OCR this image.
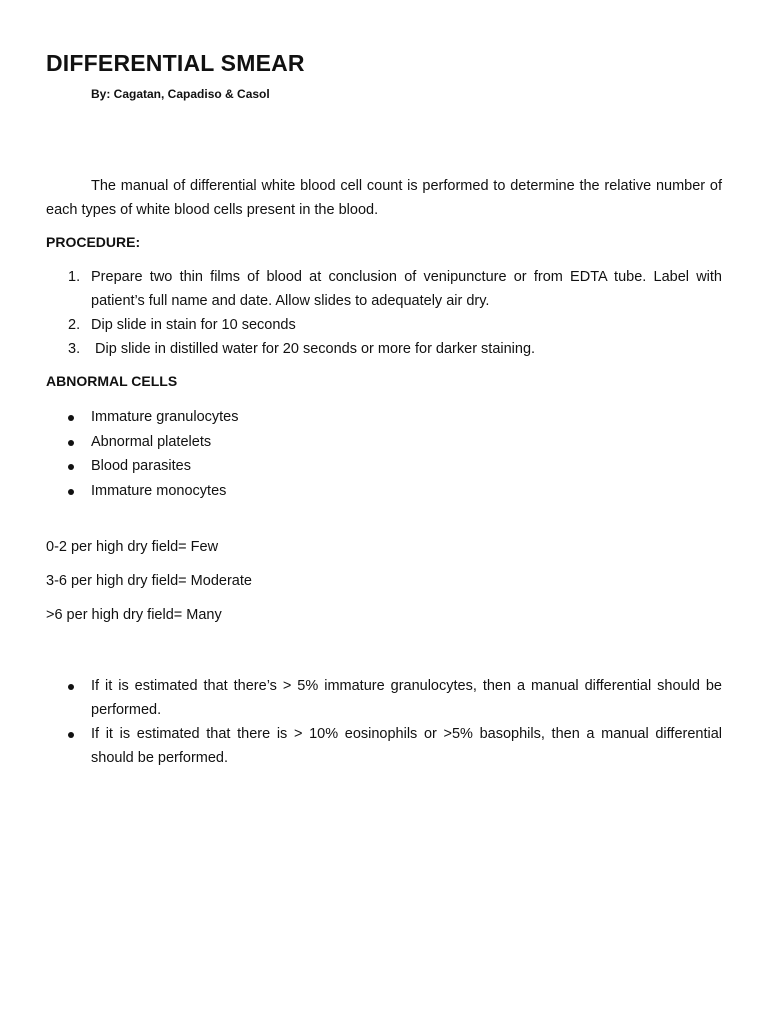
DIFFERENTIAL SMEAR
By: Cagatan, Capadiso & Casol

The manual of differential white blood cell count is performed to determine the relative number of each types of white blood cells present in the blood.

PROCEDURE:
1. Prepare two thin films of blood at conclusion of venipuncture or from EDTA tube. Label with patient’s full name and date. Allow slides to adequately air dry.
2. Dip slide in stain for 10 seconds
3. Dip slide in distilled water for 20 seconds or more for darker staining.
ABNORMAL CELLS
Immature granulocytes
Abnormal platelets
Blood parasites
Immature monocytes
0-2 per high dry field= Few
3-6 per high dry field= Moderate
>6 per high dry field= Many
If it is estimated that there’s > 5% immature granulocytes, then a manual differential should be performed.
If it is estimated that there is > 10% eosinophils or >5% basophils, then a manual differential should be performed.
